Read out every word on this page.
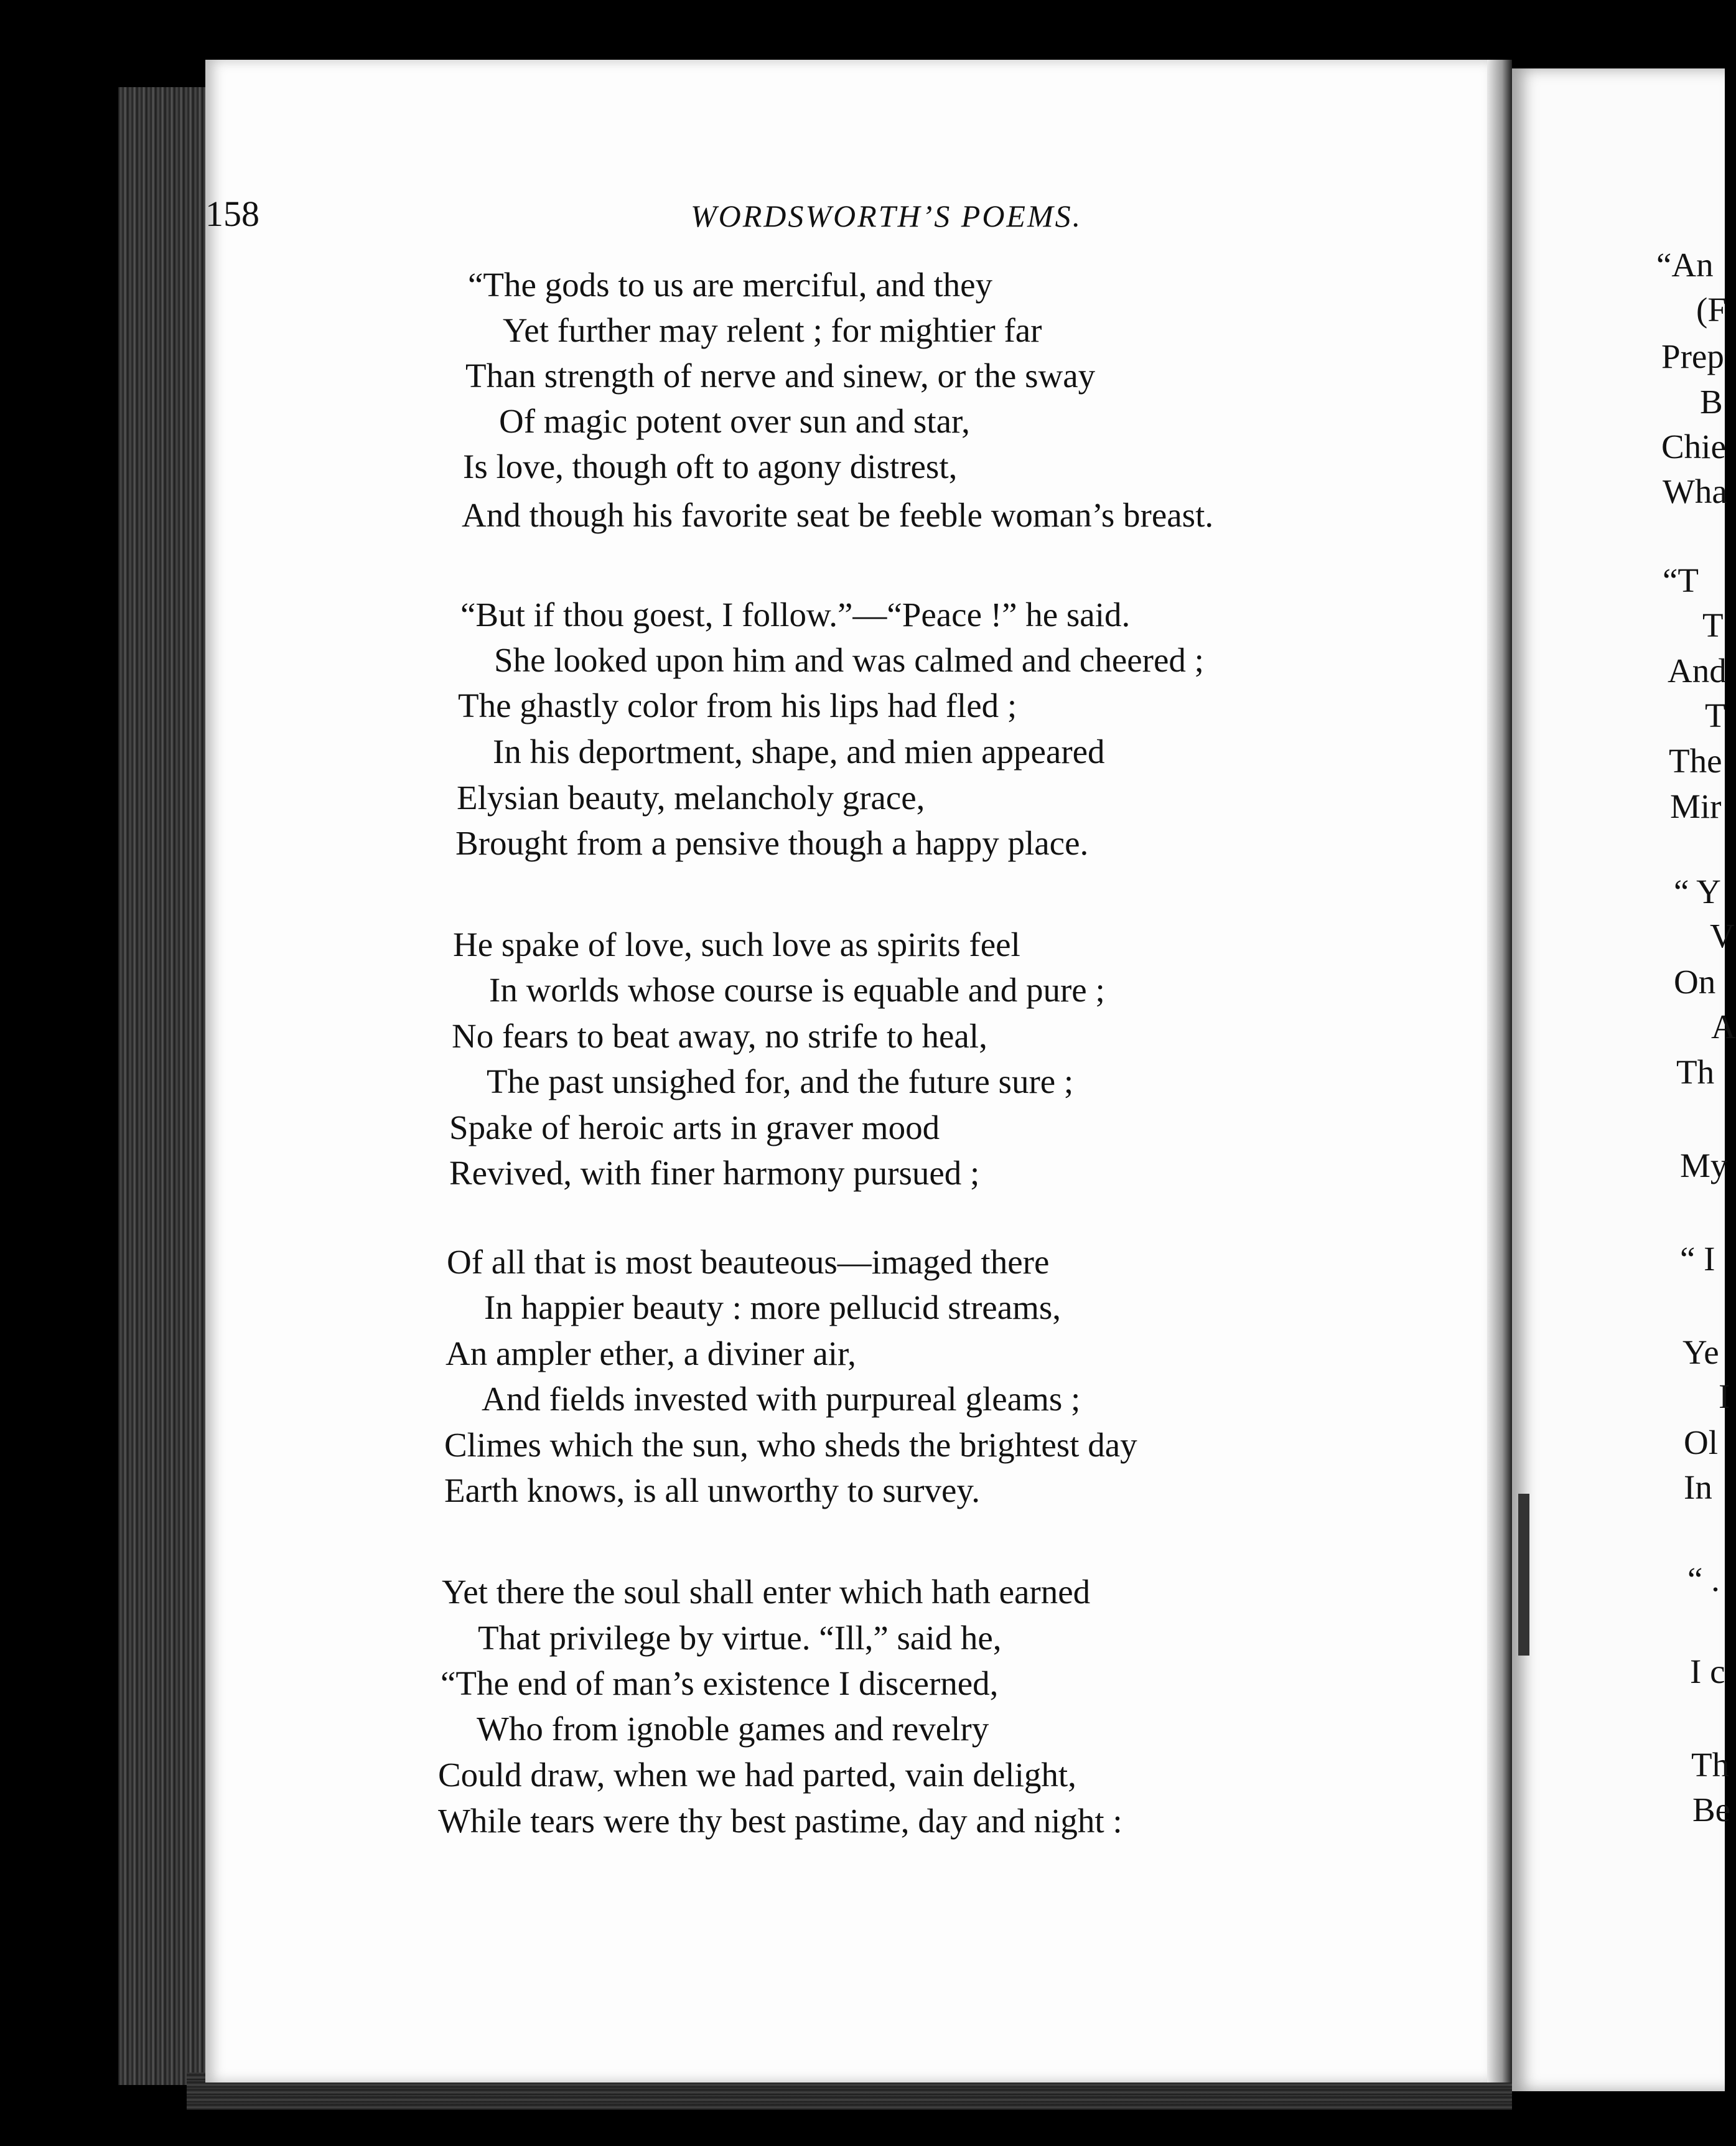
158	WORDSWORTH’S POEMS.
“The gods to us are merciful, and they
Yet further may relent ; for mightier far
Than strength of nerve and sinew, or the sway
Of magic potent over sun and star,
Is love, though oft to agony distrest,
And though his favorite seat be feeble woman’s breast.
“But if thou goest, I follow.”—“Peace !” he said.
She looked upon him and was calmed and cheered ;
The ghastly color from his lips had fled ;
In his deportment, shape, and mien appeared
Elysian beauty, melancholy grace,
Brought from a pensive though a happy place.
He spake of love, such love as spirits feel
In worlds whose course is equable and pure ;
No fears to beat away, no strife to heal,
The past unsighed for, and the future sure ;
Spake of heroic arts in graver mood
Revived, with finer harmony pursued ;
Of all that is most beauteous—imaged there
In happier beauty : more pellucid streams,
An ampler ether, a diviner air,
And fields invested with purpureal gleams ;
Climes which the sun, who sheds the brightest day
Earth knows, is all unworthy to survey.
Yet there the soul shall enter which hath earned
That privilege by virtue. “Ill,” said he,
“The end of man’s existence I discerned,
Who from ignoble games and revelry
Could draw, when we had parted, vain delight,
While tears were thy best pastime, day and night :
“An
(F
Prep
B
Chie
Wha
“T
T
And
T
The
Mir
“ Y
V
On
A
Th
My
“ I
Ye
I
Ol
In
“ .
I c
Th
Be
